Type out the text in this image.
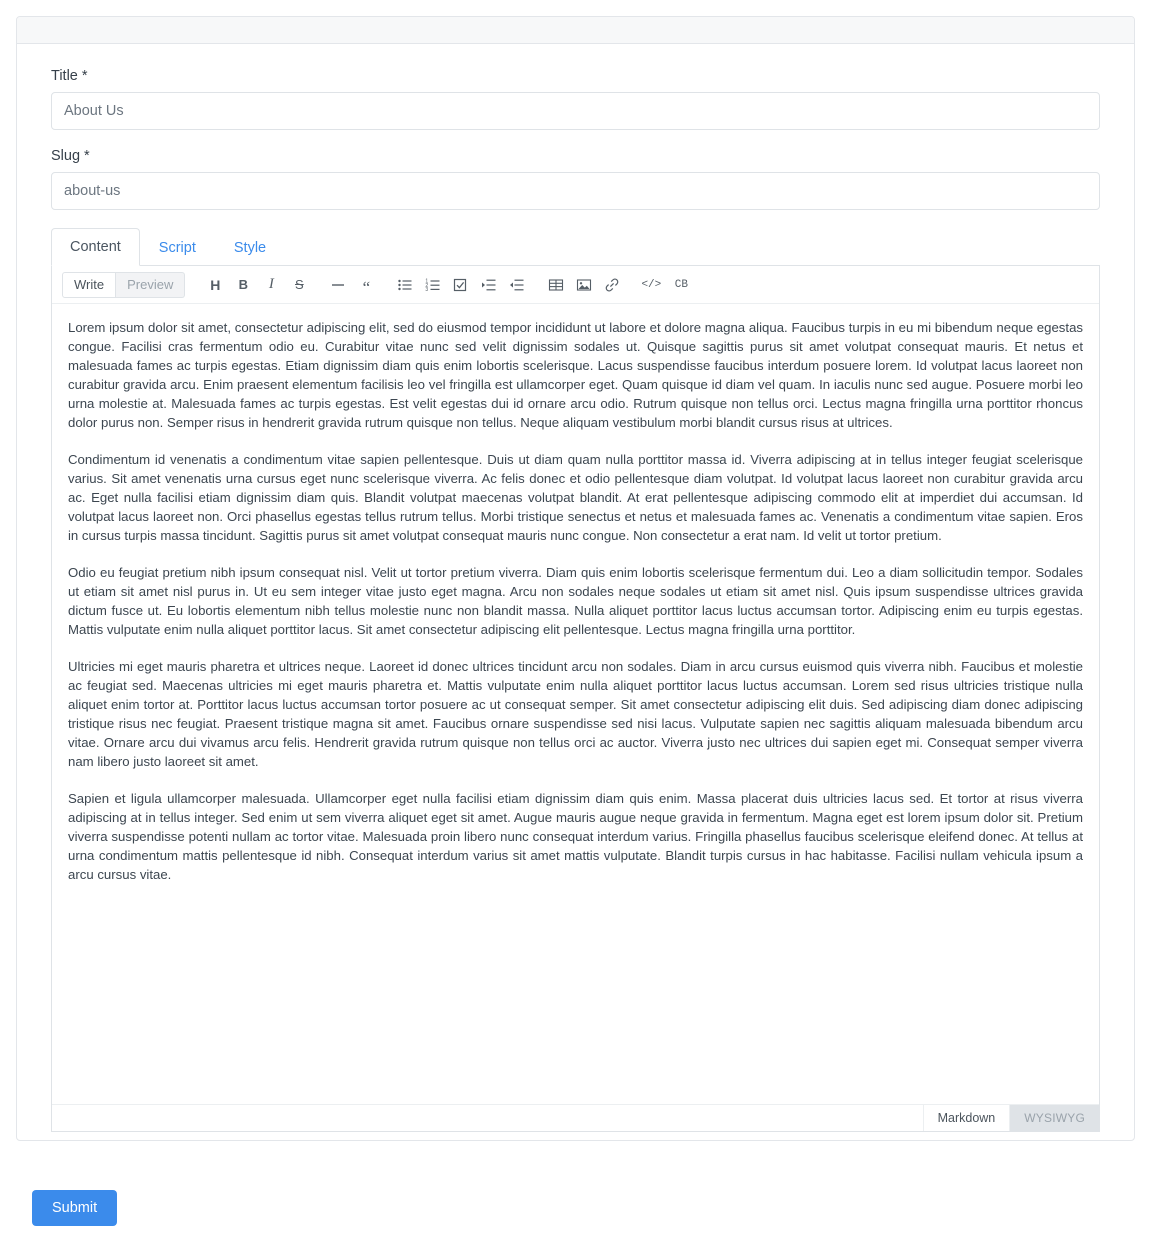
Title *
About Us
Slug *
about-us
Content	Script	Style
Write	Preview	H B I S	“	1
2
3	</> CB

Lorem ipsum dolor sit amet, consectetur adipiscing elit, sed do eiusmod tempor incididunt ut labore et dolore magna aliqua. Faucibus turpis in eu mi bibendum neque egestas congue. Facilisi cras fermentum odio eu. Curabitur vitae nunc sed velit dignissim sodales ut. Quisque sagittis purus sit amet volutpat consequat mauris. Et netus et malesuada fames ac turpis egestas. Etiam dignissim diam quis enim lobortis scelerisque. Lacus suspendisse faucibus interdum posuere lorem. Id volutpat lacus laoreet non curabitur gravida arcu. Enim praesent elementum facilisis leo vel fringilla est ullamcorper eget. Quam quisque id diam vel quam. In iaculis nunc sed augue. Posuere morbi leo urna molestie at. Malesuada fames ac turpis egestas. Est velit egestas dui id ornare arcu odio. Rutrum quisque non tellus orci. Lectus magna fringilla urna porttitor rhoncus dolor purus non. Semper risus in hendrerit gravida rutrum quisque non tellus. Neque aliquam vestibulum morbi blandit cursus risus at ultrices.

Condimentum id venenatis a condimentum vitae sapien pellentesque. Duis ut diam quam nulla porttitor massa id. Viverra adipiscing at in tellus integer feugiat scelerisque varius. Sit amet venenatis urna cursus eget nunc scelerisque viverra. Ac felis donec et odio pellentesque diam volutpat. Id volutpat lacus laoreet non curabitur gravida arcu ac. Eget nulla facilisi etiam dignissim diam quis. Blandit volutpat maecenas volutpat blandit. At erat pellentesque adipiscing commodo elit at imperdiet dui accumsan. Id volutpat lacus laoreet non. Orci phasellus egestas tellus rutrum tellus. Morbi tristique senectus et netus et malesuada fames ac. Venenatis a condimentum vitae sapien. Eros in cursus turpis massa tincidunt. Sagittis purus sit amet volutpat consequat mauris nunc congue. Non consectetur a erat nam. Id velit ut tortor pretium.

Odio eu feugiat pretium nibh ipsum consequat nisl. Velit ut tortor pretium viverra. Diam quis enim lobortis scelerisque fermentum dui. Leo a diam sollicitudin tempor. Sodales ut etiam sit amet nisl purus in. Ut eu sem integer vitae justo eget magna. Arcu non sodales neque sodales ut etiam sit amet nisl. Quis ipsum suspendisse ultrices gravida dictum fusce ut. Eu lobortis elementum nibh tellus molestie nunc non blandit massa. Nulla aliquet porttitor lacus luctus accumsan tortor. Adipiscing enim eu turpis egestas. Mattis vulputate enim nulla aliquet porttitor lacus. Sit amet consectetur adipiscing elit pellentesque. Lectus magna fringilla urna porttitor.

Ultricies mi eget mauris pharetra et ultrices neque. Laoreet id donec ultrices tincidunt arcu non sodales. Diam in arcu cursus euismod quis viverra nibh. Faucibus et molestie ac feugiat sed. Maecenas ultricies mi eget mauris pharetra et. Mattis vulputate enim nulla aliquet porttitor lacus luctus accumsan. Lorem sed risus ultricies tristique nulla aliquet enim tortor at. Porttitor lacus luctus accumsan tortor posuere ac ut consequat semper. Sit amet consectetur adipiscing elit duis. Sed adipiscing diam donec adipiscing tristique risus nec feugiat. Praesent tristique magna sit amet. Faucibus ornare suspendisse sed nisi lacus. Vulputate sapien nec sagittis aliquam malesuada bibendum arcu vitae. Ornare arcu dui vivamus arcu felis. Hendrerit gravida rutrum quisque non tellus orci ac auctor. Viverra justo nec ultrices dui sapien eget mi. Consequat semper viverra nam libero justo laoreet sit amet.

Sapien et ligula ullamcorper malesuada. Ullamcorper eget nulla facilisi etiam dignissim diam quis enim. Massa placerat duis ultricies lacus sed. Et tortor at risus viverra adipiscing at in tellus integer. Sed enim ut sem viverra aliquet eget sit amet. Augue mauris augue neque gravida in fermentum. Magna eget est lorem ipsum dolor sit. Pretium viverra suspendisse potenti nullam ac tortor vitae. Malesuada proin libero nunc consequat interdum varius. Fringilla phasellus faucibus scelerisque eleifend donec. At tellus at urna condimentum mattis pellentesque id nibh. Consequat interdum varius sit amet mattis vulputate. Blandit turpis cursus in hac habitasse. Facilisi nullam vehicula ipsum a arcu cursus vitae.

Markdown	WYSIWYG
Submit
